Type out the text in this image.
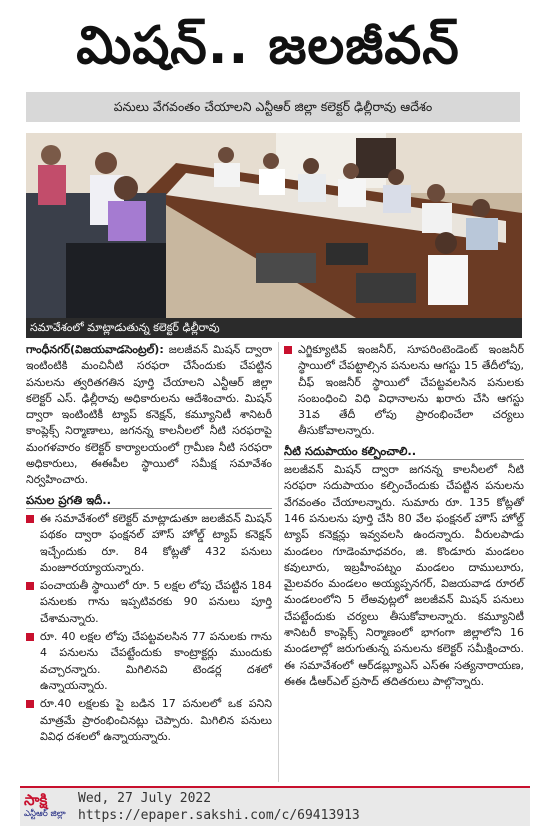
మిషన్.. జలజీవన్
పనులు వేగవంతం చేయాలని ఎన్టీఆర్ జిల్లా కలెక్టర్ ఢిల్లీరావు ఆదేశం
సమావేశంలో మాట్లాడుతున్న కలెక్టర్ ఢిల్లీరావు

గాంధీనగర్(విజయవాడసెంట్రల్): జలజీవన్ మిషన్ ద్వారా ఇంటింటికి మంచినీటి సరఫరా చేసేందుకు చేపట్టిన పనులను త్వరితగతిన పూర్తి చేయాలని ఎన్టీఆర్ జిల్లా కలెక్టర్ ఎస్. ఢిల్లీరావు అధికారులను ఆదేశించారు. మిషన్ ద్వారా ఇంటింటికీ ట్యాప్ కనెక్షన్, కమ్యూనిటీ శానిటరీ కాంప్లెక్స్ నిర్మాణాలు, జగనన్న కాలనీలలో నీటి సరఫరాపై మంగళవారం కలెక్టర్ కార్యాలయంలో గ్రామీణ నీటి సరఫరా అధికారులు, ఈఈపీల స్థాయిలో సమీక్ష సమావేశం నిర్వహించారు.

పనుల ప్రగతి ఇదీ..
ఈ సమావేశంలో కలెక్టర్ మాట్లాడుతూ జలజీవన్ మిషన్ పథకం ద్వారా ఫంక్షనల్ హౌస్ హోల్డ్ ట్యాప్ కనెక్షన్ ఇచ్చేందుకు రూ. 84 కోట్లతో 432 పనులు మంజూరయ్యాయన్నారు.
పంచాయతీ స్థాయిలో రూ. 5 లక్షల లోపు చేపట్టిన 184 పనులకు గాను ఇప్పటివరకు 90 పనులు పూర్తి చేశామన్నారు.
రూ. 40 లక్షల లోపు చేపట్టవలసిన 77 పనులకు గాను 4 పనులను చేపట్టేందుకు కాంట్రాక్టర్లు ముందుకు వచ్చారన్నారు. మిగిలినవి టెండర్ల దశలో ఉన్నాయన్నారు.
రూ.40 లక్షలకు పై బడిన 17 పనులలో ఒక పనిని మాత్రమే ప్రారంభించినట్లు చెప్పారు. మిగిలిన పనులు వివిధ దశలలో ఉన్నాయన్నారు.
ఎగ్జిక్యూటివ్ ఇంజనీర్, సూపరింటెండెంట్ ఇంజనీర్ స్థాయిలో చేపట్టాల్సిన పనులను ఆగస్టు 15 తేదీలోపు, చీఫ్ ఇంజనీర్ స్థాయిలో చేపట్టవలసిన పనులకు సంబంధించి విధి విధానాలను ఖరారు చేసి ఆగస్టు 31వ తేదీ లోపు ప్రారంభించేలా చర్యలు తీసుకోవాలన్నారు.
నీటి సదుపాయం కల్పించాలి..

జలజీవన్ మిషన్ ద్వారా జగనన్న కాలనీలలో నీటి సరఫరా సదుపాయం కల్పించేందుకు చేపట్టిన పనులను వేగవంతం చేయాలన్నారు. సుమారు రూ. 135 కోట్లతో 146 పనులను పూర్తి చేసి 80 వేల ఫంక్షనల్ హౌస్ హోల్డ్ ట్యాప్ కనెక్షన్లు ఇవ్వవలసి ఉందన్నారు. వీరులపాడు మండలం గూడెంమాధవరం, జి. కొండూరు మండలం కవులూరు, ఇబ్రహీంపట్నం మండలం దాములూరు, మైలవరం మండలం అయ్యప్పనగర్, విజయవాడ రూరల్ మండలంలోని 5 లేఅవుట్లలో జలజీవన్ మిషన్ పనులు చేపట్టేందుకు చర్యలు తీసుకోవాలన్నారు. కమ్యూనిటీ శానిటరీ కాంప్లెక్స్ నిర్మాణంలో భాగంగా జిల్లాలోని 16 మండలాల్లో జరుగుతున్న పనులను కలెక్టర్ సమీక్షించారు. ఈ సమావేశంలో ఆర్‌డబ్ల్యూఎస్ ఎస్ఈ సత్యనారాయణ, ఈఈ డీఆర్ఎల్ ప్రసాద్ తదితరులు పాల్గొన్నారు.

సాక్షి
ఎన్టీఆర్ జిల్లా
Wed, 27 July 2022
https://epaper.sakshi.com/c/69413913
